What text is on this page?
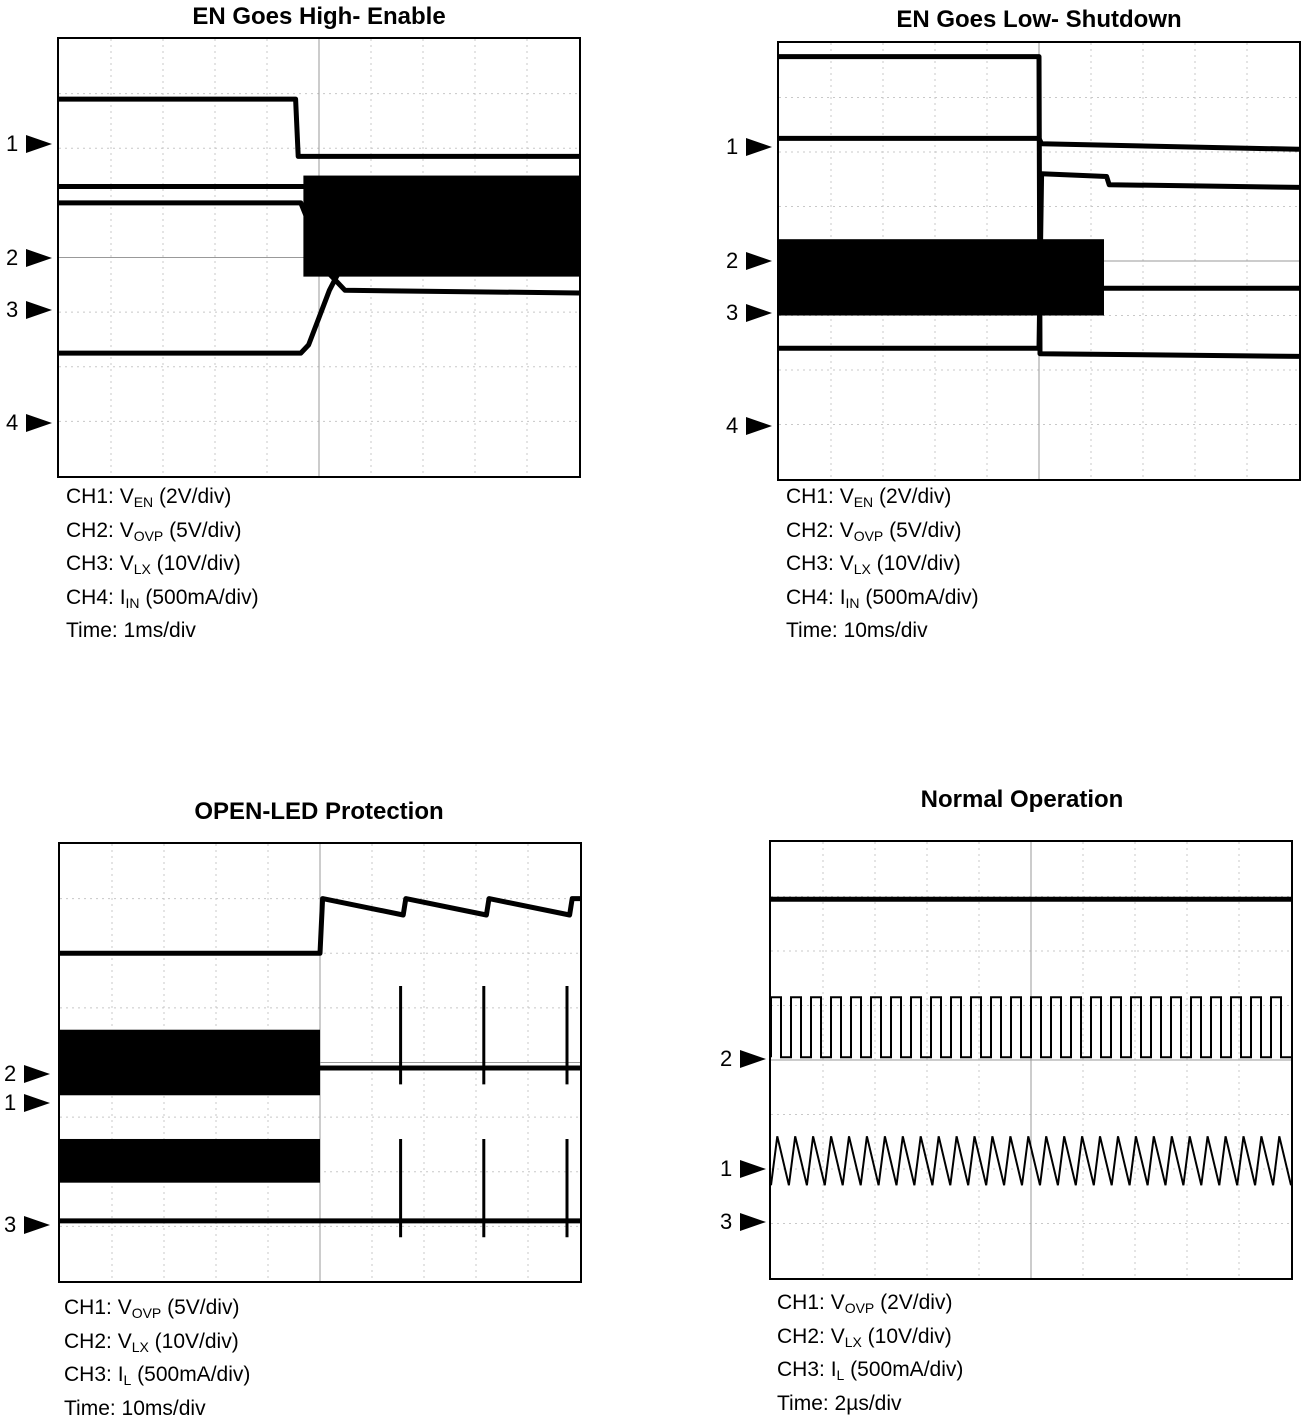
EN Goes High- Enable
1
2
3
4
CH1: $V_{EN}$ (2V/div)
CH2: $V_{OVP}$ (5V/div)
CH3: $V_{LX}$ (10V/div)
CH4: $I_{IN}$ (500mA/div)
Time: 1ms/div
EN Goes Low- Shutdown
1
2
3
4
CH1: $V_{EN}$ (2V/div)
CH2: $V_{OVP}$ (5V/div)
CH3: $V_{LX}$ (10V/div)
CH4: $I_{IN}$ (500mA/div)
Time: 10ms/div
OPEN-LED Protection
2
1
3
CH1: $V_{OVP}$ (5V/div)
CH2: $V_{LX}$ (10V/div)
CH3: $I_L$ (500mA/div)
Time: 10ms/div
Normal Operation
2
1
3
CH1: $V_{OVP}$ (2V/div)
CH2: $V_{LX}$ (10V/div)
CH3: $I_L$ (500mA/div)
Time: 2µs/div
